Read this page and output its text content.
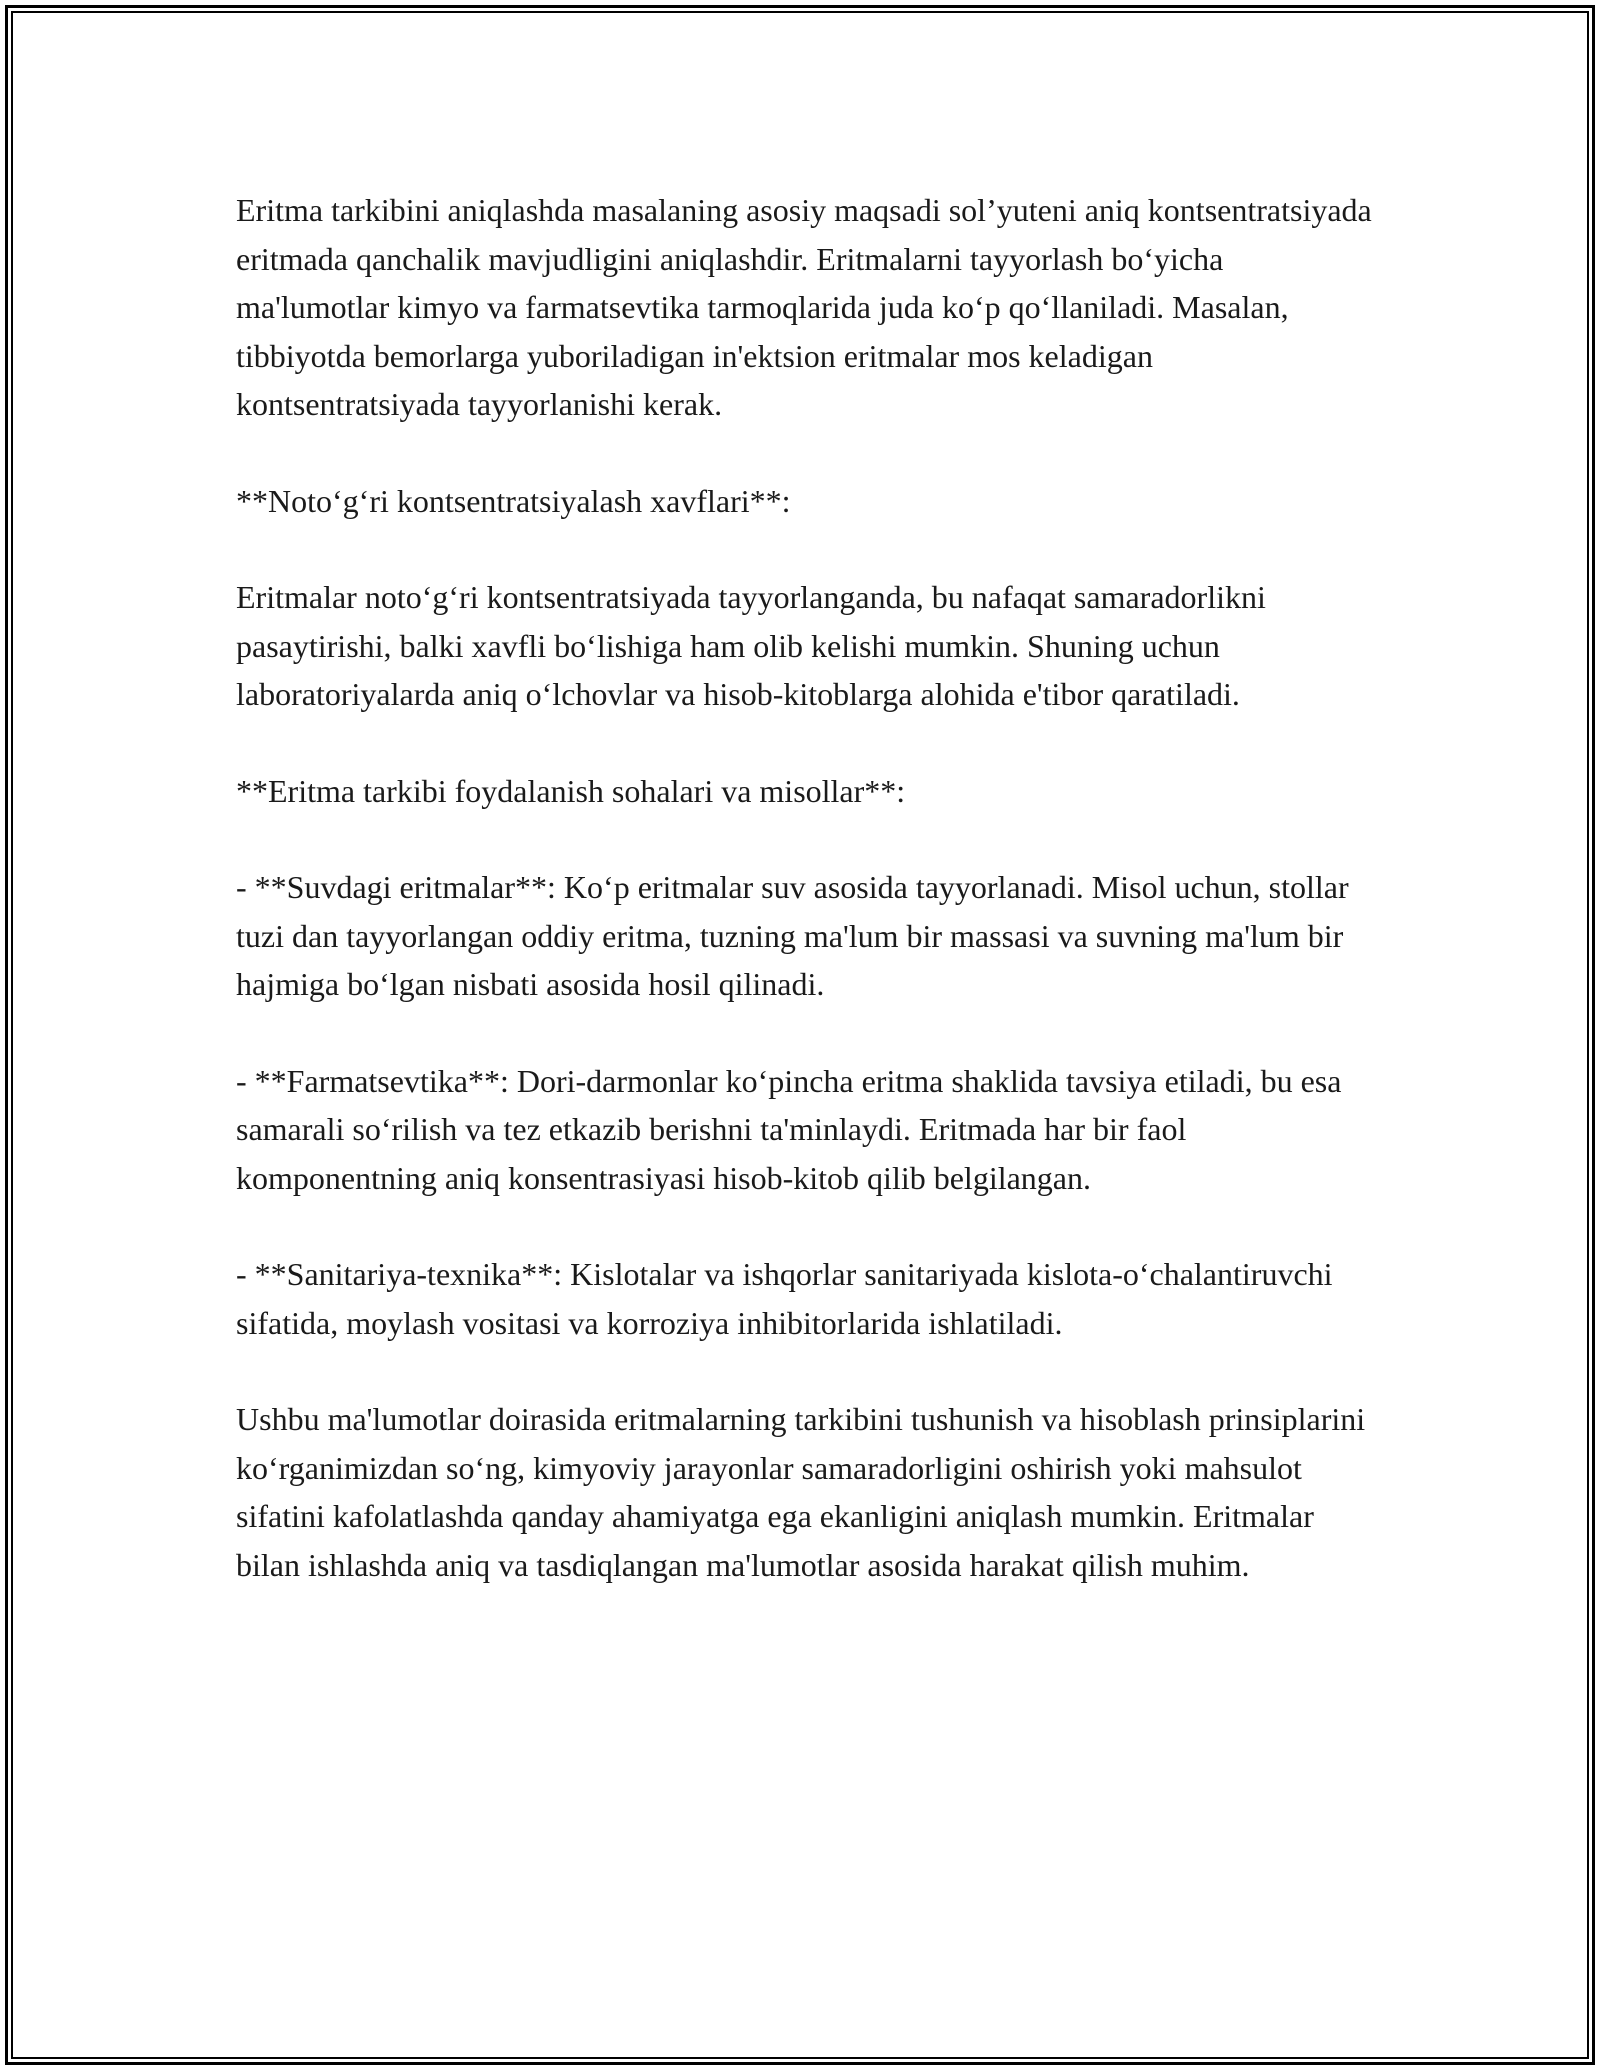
Eritma tarkibini aniqlashda masalaning asosiy maqsadi sol’yuteni aniq kontsentratsiyada eritmada qanchalik mavjudligini aniqlashdir. Eritmalarni tayyorlash bo‘yicha ma'lumotlar kimyo va farmatsevtika tarmoqlarida juda ko‘p qo‘llaniladi. Masalan, tibbiyotda bemorlarga yuboriladigan in'ektsion eritmalar mos keladigan kontsentratsiyada tayyorlanishi kerak.

**Noto‘g‘ri kontsentratsiyalash xavflari**:

Eritmalar noto‘g‘ri kontsentratsiyada tayyorlanganda, bu nafaqat samaradorlikni pasaytirishi, balki xavfli bo‘lishiga ham olib kelishi mumkin. Shuning uchun laboratoriyalarda aniq o‘lchovlar va hisob-kitoblarga alohida e'tibor qaratiladi.

**Eritma tarkibi foydalanish sohalari va misollar**:

- **Suvdagi eritmalar**: Ko‘p eritmalar suv asosida tayyorlanadi. Misol uchun, stollar tuzi dan tayyorlangan oddiy eritma, tuzning ma'lum bir massasi va suvning ma'lum bir hajmiga bo‘lgan nisbati asosida hosil qilinadi.

- **Farmatsevtika**: Dori-darmonlar ko‘pincha eritma shaklida tavsiya etiladi, bu esa samarali so‘rilish va tez etkazib berishni ta'minlaydi. Eritmada har bir faol komponentning aniq konsentrasiyasi hisob-kitob qilib belgilangan.

- **Sanitariya-texnika**: Kislotalar va ishqorlar sanitariyada kislota-o‘chalantiruvchi sifatida, moylash vositasi va korroziya inhibitorlarida ishlatiladi.

Ushbu ma'lumotlar doirasida eritmalarning tarkibini tushunish va hisoblash prinsiplarini ko‘rganimizdan so‘ng, kimyoviy jarayonlar samaradorligini oshirish yoki mahsulot sifatini kafolatlashda qanday ahamiyatga ega ekanligini aniqlash mumkin. Eritmalar bilan ishlashda aniq va tasdiqlangan ma'lumotlar asosida harakat qilish muhim.
